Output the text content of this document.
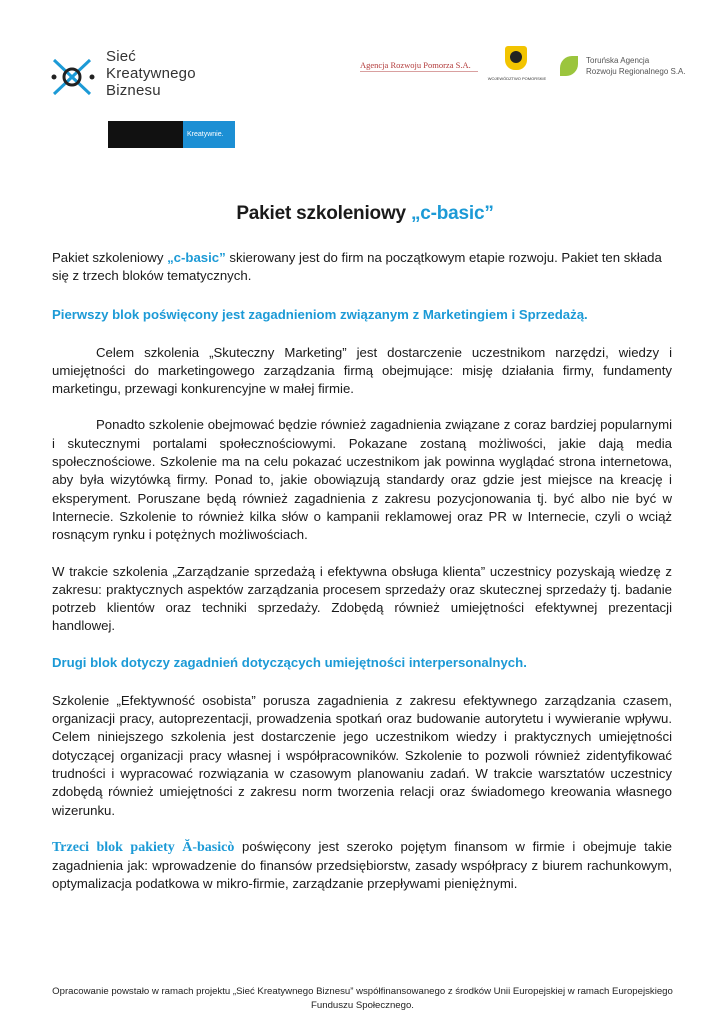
Sieć
Kreatywnego
Biznesu
Kreatywnie.
Agencja Rozwoju Pomorza S.A.
WOJEWÓDZTWO POMORSKIE
Toruńska Agencja
Rozwoju Regionalnego S.A.
Pakiet szkoleniowy „c-basic”

Pakiet szkoleniowy „c-basic” skierowany jest do firm na początkowym etapie rozwoju. Pakiet ten składa się z trzech bloków tematycznych.

Pierwszy blok poświęcony jest zagadnieniom związanym z Marketingiem i Sprzedażą.

Celem szkolenia „Skuteczny Marketing” jest dostarczenie uczestnikom narzędzi, wiedzy i umiejętności do marketingowego zarządzania firmą obejmujące: misję działania firmy, fundamenty marketingu, przewagi konkurencyjne w małej firmie.

Ponadto szkolenie obejmować będzie również zagadnienia związane z coraz bardziej popularnymi i skutecznymi portalami społecznościowymi. Pokazane zostaną możliwości, jakie dają media społecznościowe. Szkolenie ma na celu pokazać uczestnikom jak powinna wyglądać strona internetowa, aby była wizytówką firmy. Ponad to, jakie obowiązują standardy oraz gdzie jest miejsce na kreację i eksperyment. Poruszane będą również zagadnienia z zakresu pozycjonowania tj. być albo nie być w Internecie. Szkolenie to również kilka słów o kampanii reklamowej oraz PR w Internecie, czyli o wciąż rosnącym rynku i potężnych możliwościach.

W trakcie szkolenia „Zarządzanie sprzedażą i efektywna obsługa klienta” uczestnicy pozyskają wiedzę z zakresu: praktycznych aspektów zarządzania procesem sprzedaży oraz skutecznej sprzedaży tj. badanie potrzeb klientów oraz techniki sprzedaży. Zdobędą również umiejętności efektywnej prezentacji handlowej.

Drugi blok dotyczy zagadnień dotyczących umiejętności interpersonalnych.

Szkolenie „Efektywność osobista” porusza zagadnienia z zakresu efektywnego zarządzania czasem, organizacji pracy, autoprezentacji, prowadzenia spotkań oraz budowanie autorytetu i wywieranie wpływu. Celem niniejszego szkolenia jest dostarczenie jego uczestnikom wiedzy i praktycznych umiejętności dotyczącej organizacji pracy własnej i współpracowników. Szkolenie to pozwoli również zidentyfikować trudności i wypracować rozwiązania w czasowym planowaniu zadań. W trakcie warsztatów uczestnicy zdobędą również umiejętności z zakresu norm tworzenia relacji oraz świadomego kreowania własnego wizerunku.

Trzeci blok pakiety Ă-basicò poświęcony jest szeroko pojętym finansom w firmie i obejmuje takie zagadnienia jak: wprowadzenie do finansów przedsiębiorstw, zasady współpracy z biurem rachunkowym, optymalizacja podatkowa w mikro-firmie, zarządzanie przepływami pieniężnymi.

Opracowanie powstało w ramach projektu „Sieć Kreatywnego Biznesu” współfinansowanego z środków Unii Europejskiej w ramach Europejskiego Funduszu Społecznego.
